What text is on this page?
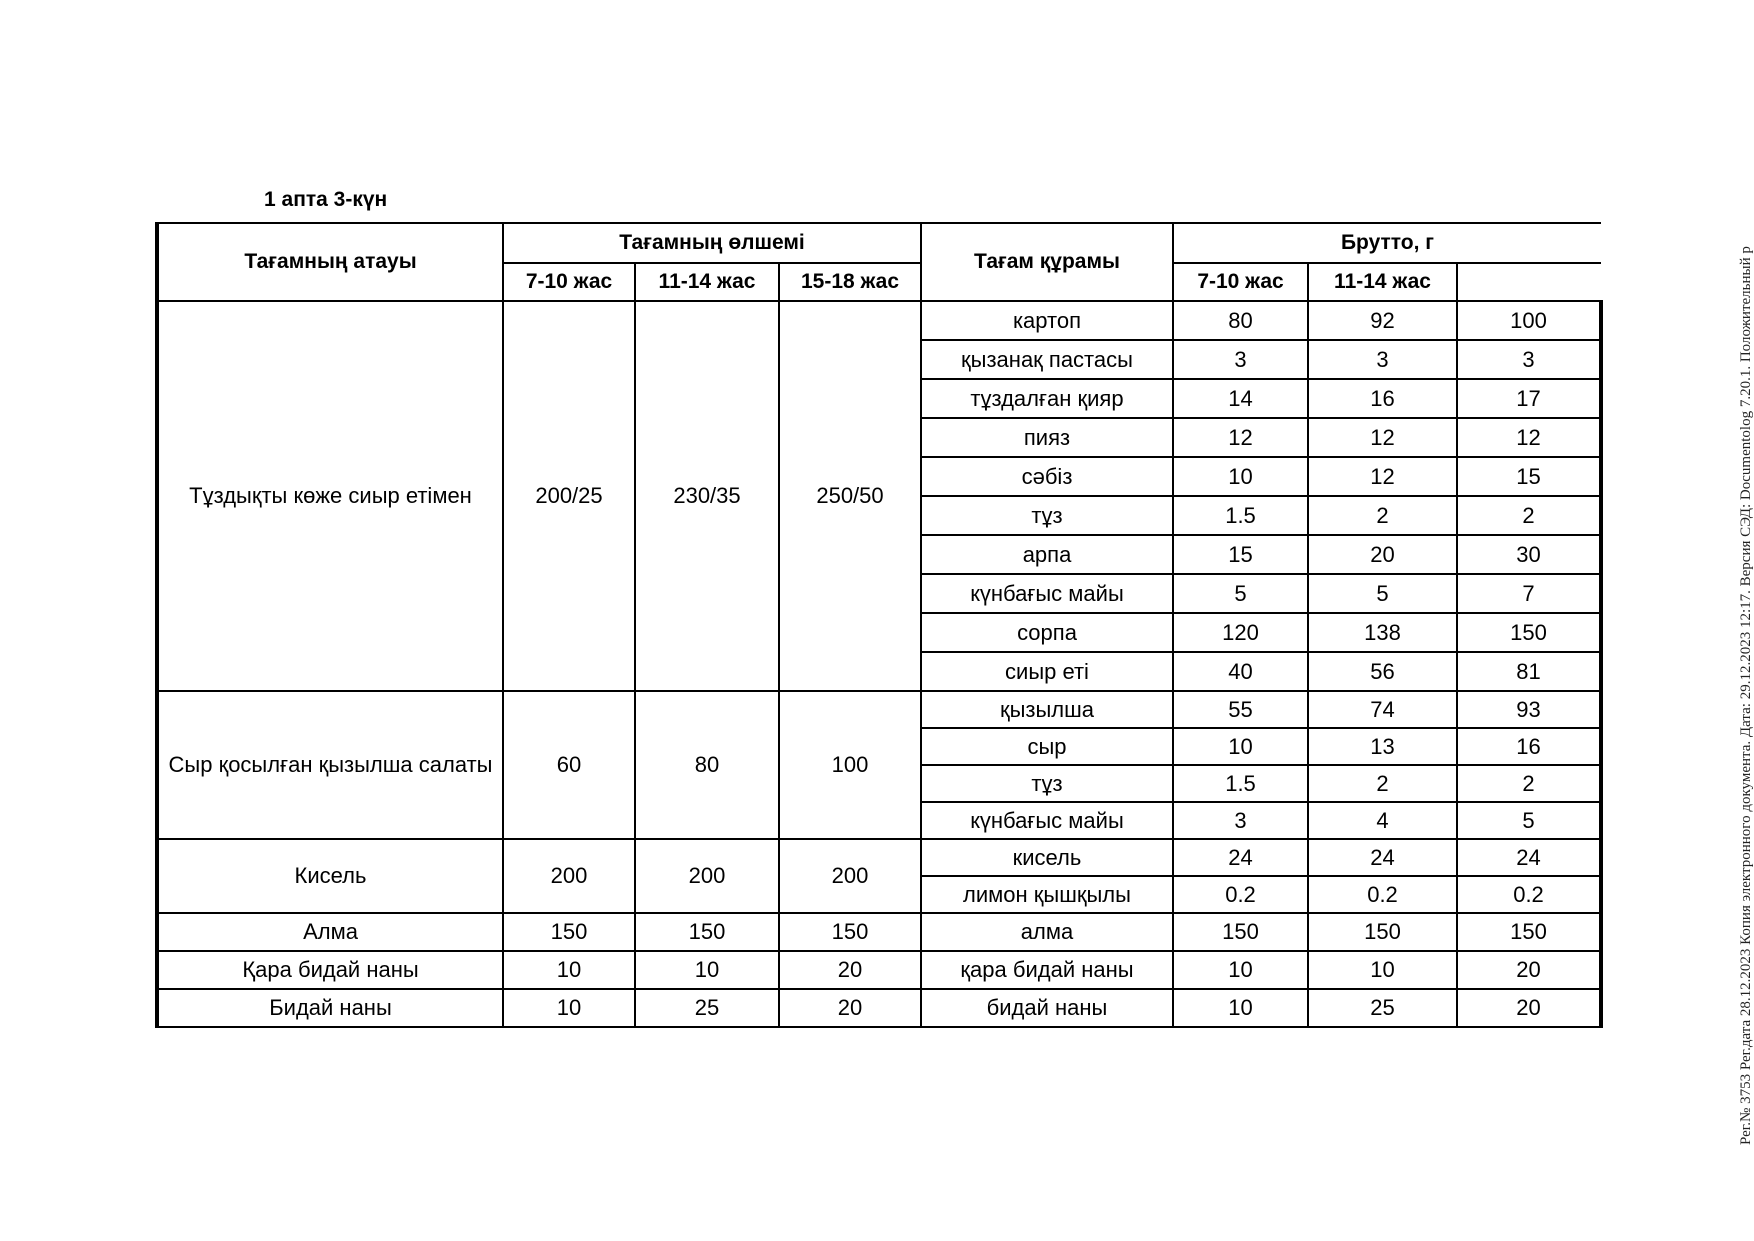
1 апта 3-күн
Тағамның атауы	Тағамның өлшемі			Тағам құрамы	Брутто, г		
	7-10 жас	11-14 жас	15-18 жас		7-10 жас	11-14 жас	
Тұздықты көже сиыр етімен	200/25	230/35	250/50	картоп	80	92	100
				қызанақ пастасы	3	3	3
				тұздалған қияр	14	16	17
				пияз	12	12	12
				сәбіз	10	12	15
				тұз	1.5	2	2
				арпа	15	20	30
				күнбағыс майы	5	5	7
				сорпа	120	138	150
				сиыр еті	40	56	81
Сыр қосылған қызылша салаты	60	80	100	қызылша	55	74	93
				сыр	10	13	16
				тұз	1.5	2	2
				күнбағыс майы	3	4	5
Кисель	200	200	200	кисель	24	24	24
				лимон қышқылы	0.2	0.2	0.2
Алма	150	150	150	алма	150	150	150
Қара бидай наны	10	10	20	қара бидай наны	10	10	20
Бидай наны	10	25	20	бидай наны	10	25	20	Рег.№ 3753 Рег.дата 28.12.2023 Копия электронного документа. Дата: 29.12.2023 12:17. Версия СЭД: Documentolog 7.20.1. Положительный р
